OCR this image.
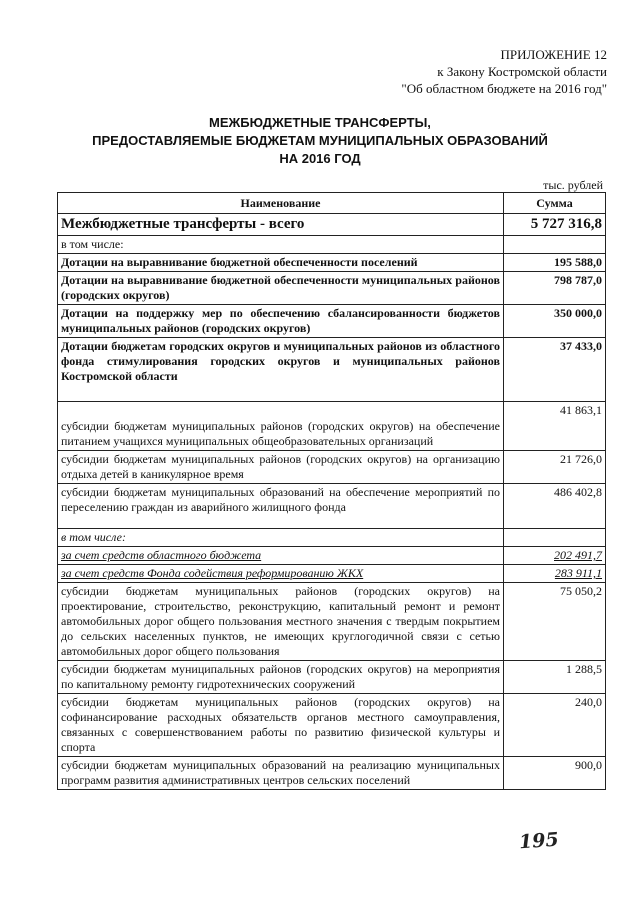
ПРИЛОЖЕНИЕ 12
к Закону Костромской области
"Об областном бюджете на 2016 год"
МЕЖБЮДЖЕТНЫЕ ТРАНСФЕРТЫ,
ПРЕДОСТАВЛЯЕМЫЕ БЮДЖЕТАМ МУНИЦИПАЛЬНЫХ ОБРАЗОВАНИЙ
НА 2016 ГОД
тыс. рублей
Наименование	Сумма
Межбюджетные трансферты - всего	5 727 316,8
в том числе:	
Дотации на выравнивание бюджетной обеспеченности поселений	195 588,0
Дотации на выравнивание бюджетной обеспеченности муниципальных районов (городских округов)	798 787,0
Дотации на поддержку мер по обеспечению сбалансированности бюджетов муниципальных районов (городских округов)	350 000,0
Дотации бюджетам городских округов и муниципальных районов из областного фонда стимулирования городских округов и муниципальных районов Костромской области	37 433,0
субсидии бюджетам муниципальных районов (городских округов) на обеспечение питанием учащихся муниципальных общеобразовательных организаций	41 863,1
субсидии бюджетам муниципальных районов (городских округов) на организацию отдыха детей в каникулярное время	21 726,0
субсидии бюджетам муниципальных образований на обеспечение мероприятий по переселению граждан из аварийного жилищного фонда	486 402,8
в том числе:	
за счет средств областного бюджета	202 491,7
за счет средств Фонда содействия реформированию ЖКХ	283 911,1
субсидии бюджетам муниципальных районов (городских округов) на проектирование, строительство, реконструкцию, капитальный ремонт и ремонт автомобильных дорог общего пользования местного значения с твердым покрытием до сельских населенных пунктов, не имеющих круглогодичной связи с сетью автомобильных дорог общего пользования	75 050,2
субсидии бюджетам муниципальных районов (городских округов) на мероприятия по капитальному ремонту гидротехнических сооружений	1 288,5
субсидии бюджетам муниципальных районов (городских округов) на софинансирование расходных обязательств органов местного самоуправления, связанных с совершенствованием работы по развитию физической культуры и спорта	240,0
субсидии бюджетам муниципальных образований на реализацию муниципальных программ развития административных центров сельских поселений	900,0
195
